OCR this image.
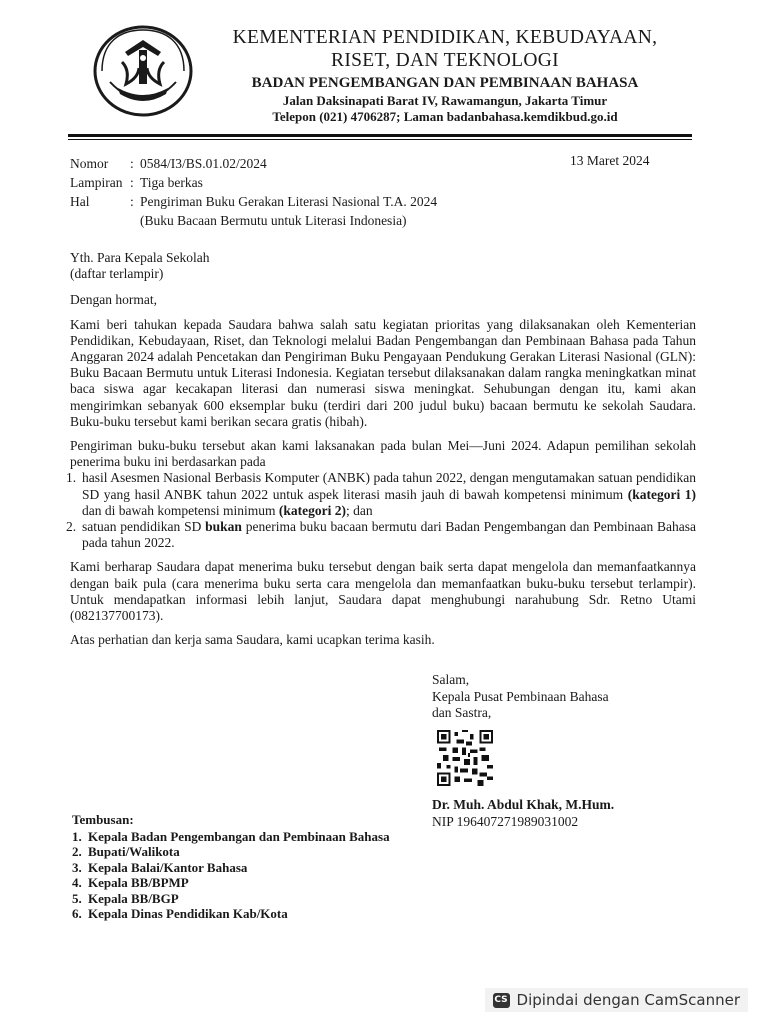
KEMENTERIAN PENDIDIKAN, KEBUDAYAAN,
RISET, DAN TEKNOLOGI
BADAN PENGEMBANGAN DAN PEMBINAAN BAHASA
Jalan Daksinapati Barat IV, Rawamangun, Jakarta Timur
Telepon (021) 4706287; Laman badanbahasa.kemdikbud.go.id
Nomor	: 0584/I3/BS.01.02/2024
Lampiran : Tiga berkas
Hal	: Pengiriman Buku Gerakan Literasi Nasional T.A. 2024
(Buku Bacaan Bermutu untuk Literasi Indonesia)
13 Maret 2024

Yth. Para Kepala Sekolah

(daftar terlampir)

Dengan hormat,

Kami beri tahukan kepada Saudara bahwa salah satu kegiatan prioritas yang dilaksanakan oleh Kementerian Pendidikan, Kebudayaan, Riset, dan Teknologi melalui Badan Pengembangan dan Pembinaan Bahasa pada Tahun Anggaran 2024 adalah Pencetakan dan Pengiriman Buku Pengayaan Pendukung Gerakan Literasi Nasional (GLN): Buku Bacaan Bermutu untuk Literasi Indonesia. Kegiatan tersebut dilaksanakan dalam rangka meningkatkan minat baca siswa agar kecakapan literasi dan numerasi siswa meningkat. Sehubungan dengan itu, kami akan mengirimkan sebanyak 600 eksemplar buku (terdiri dari 200 judul buku) bacaan bermutu ke sekolah Saudara. Buku-buku tersebut kami berikan secara gratis (hibah).

Pengiriman buku-buku tersebut akan kami laksanakan pada bulan Mei—Juni 2024. Adapun pemilihan sekolah penerima buku ini berdasarkan pada

1. hasil Asesmen Nasional Berbasis Komputer (ANBK) pada tahun 2022, dengan mengutamakan satuan pendidikan SD yang hasil ANBK tahun 2022 untuk aspek literasi masih jauh di bawah kompetensi minimum (kategori 1) dan di bawah kompetensi minimum (kategori 2); dan
2. satuan pendidikan SD bukan penerima buku bacaan bermutu dari Badan Pengembangan dan Pembinaan Bahasa pada tahun 2022.

Kami berharap Saudara dapat menerima buku tersebut dengan baik serta dapat mengelola dan memanfaatkannya dengan baik pula (cara menerima buku serta cara mengelola dan memanfaatkan buku-buku tersebut terlampir). Untuk mendapatkan informasi lebih lanjut, Saudara dapat menghubungi narahubung Sdr. Retno Utami (082137700173).

Atas perhatian dan kerja sama Saudara, kami ucapkan terima kasih.

Salam,
Kepala Pusat Pembinaan Bahasa
dan Sastra,
Dr. Muh. Abdul Khak, M.Hum.
NIP 196407271989031002
Tembusan:
1. Kepala Badan Pengembangan dan Pembinaan Bahasa
2. Bupati/Walikota
3. Kepala Balai/Kantor Bahasa
4. Kepala BB/BPMP
5. Kepala BB/BGP
6. Kepala Dinas Pendidikan Kab/Kota
CS Dipindai dengan CamScanner
